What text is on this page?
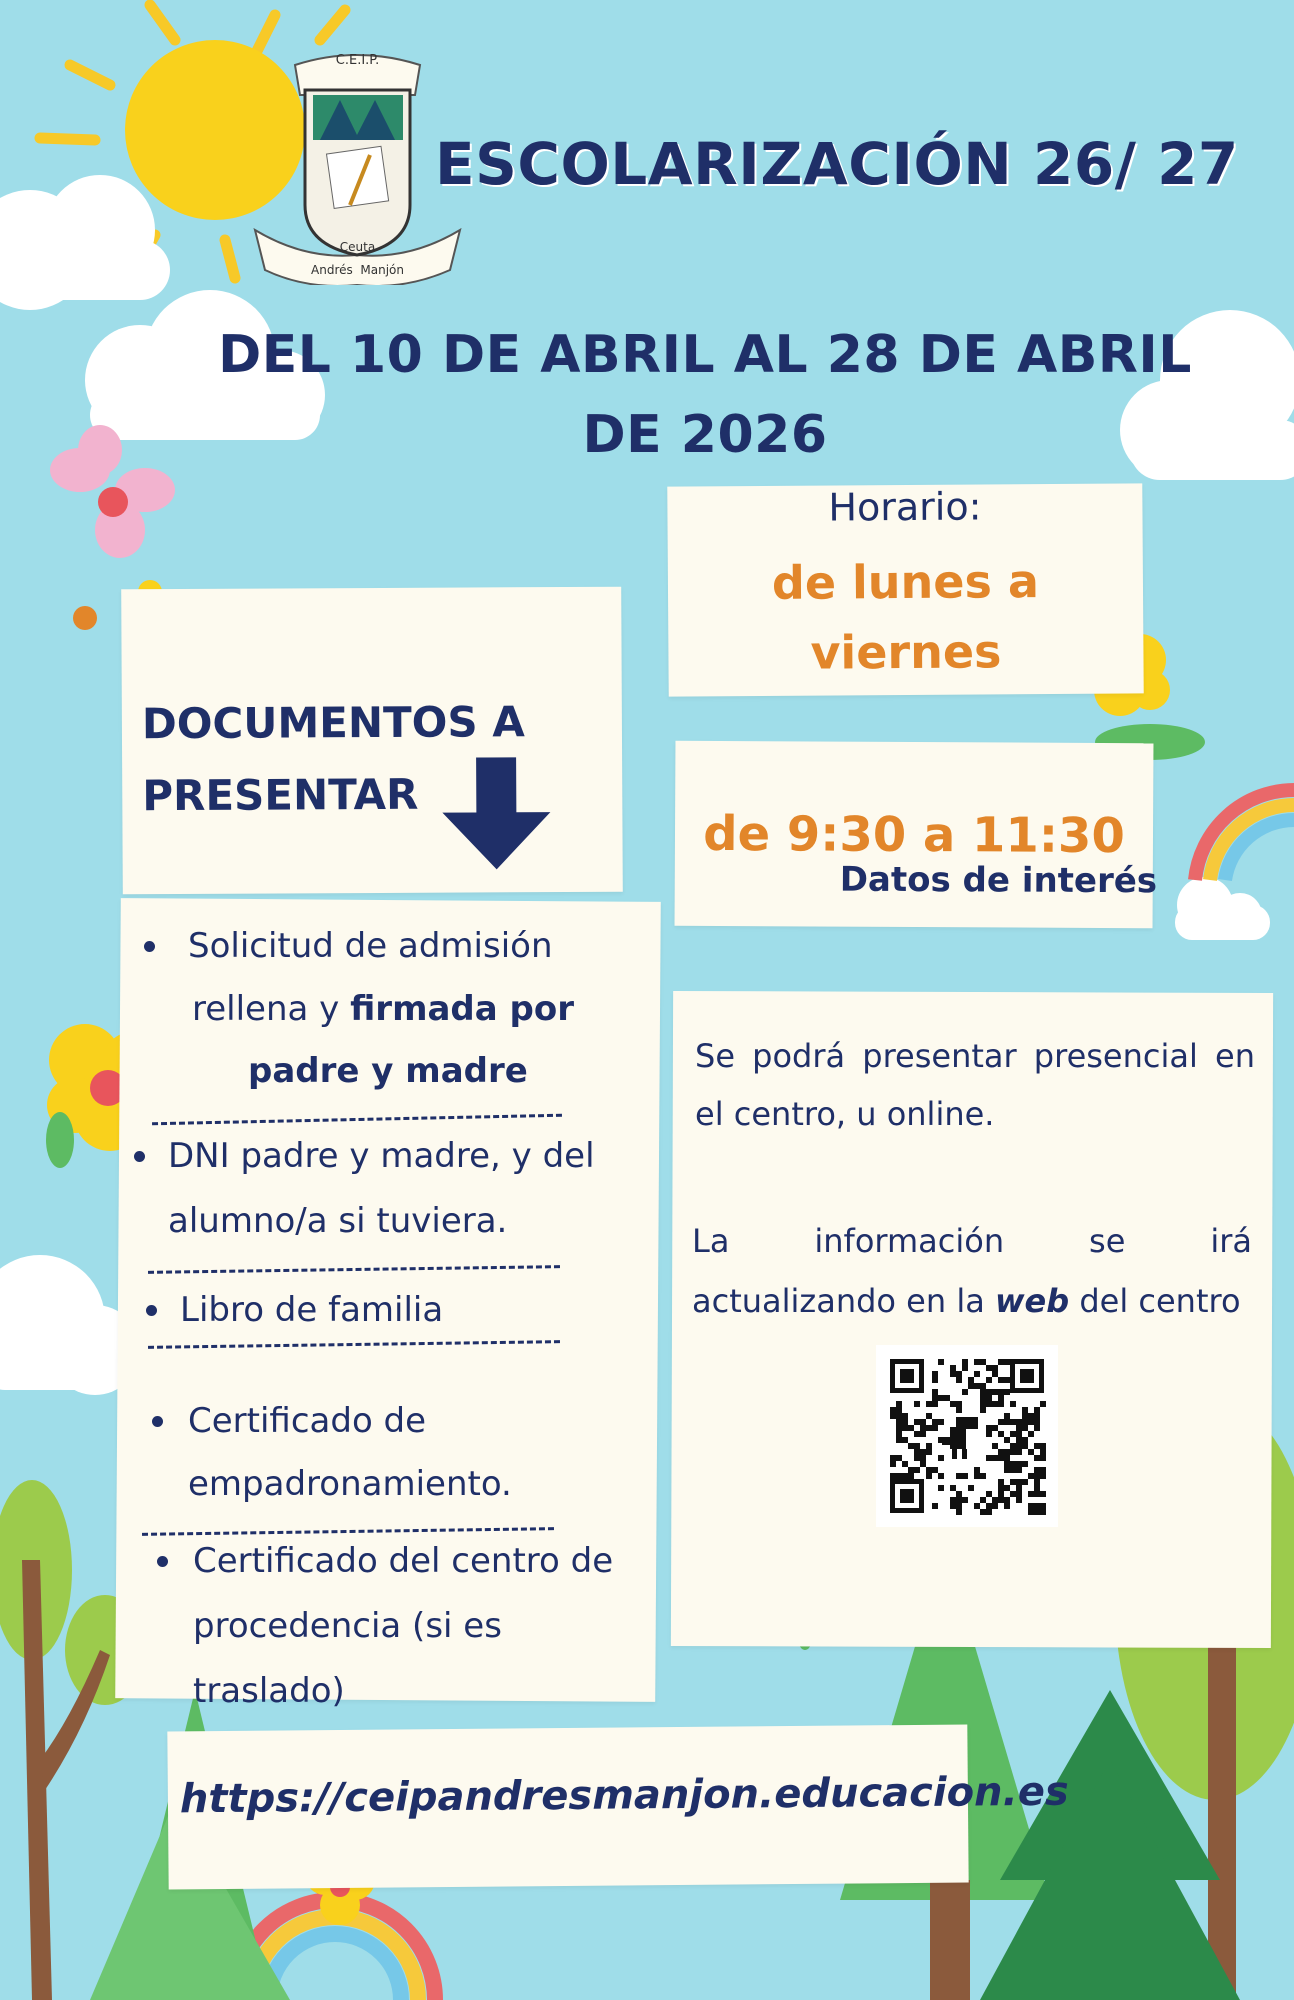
C.E.I.P.
Ceuta
Andrés  Manjón
ESCOLARIZACIÓN 26/ 27
DEL 10 DE ABRIL AL 28 DE ABRIL
DE 2026
Horario:
de lunes a
viernes
de 9:30 a 11:30
Datos de interés
DOCUMENTOS A
PRESENTAR
Solicitud de admisión
rellena y firmada por
padre y madre
DNI padre y madre, y del
alumno/a si tuviera.
Libro de familia
Certificado de
empadronamiento.
Certificado del centro de
procedencia (si es
traslado)
Se podrá presentar presencial en
el centro, u online.
La	información	se	irá
actualizando en la web del centro
https://ceipandresmanjon.educacion.es
